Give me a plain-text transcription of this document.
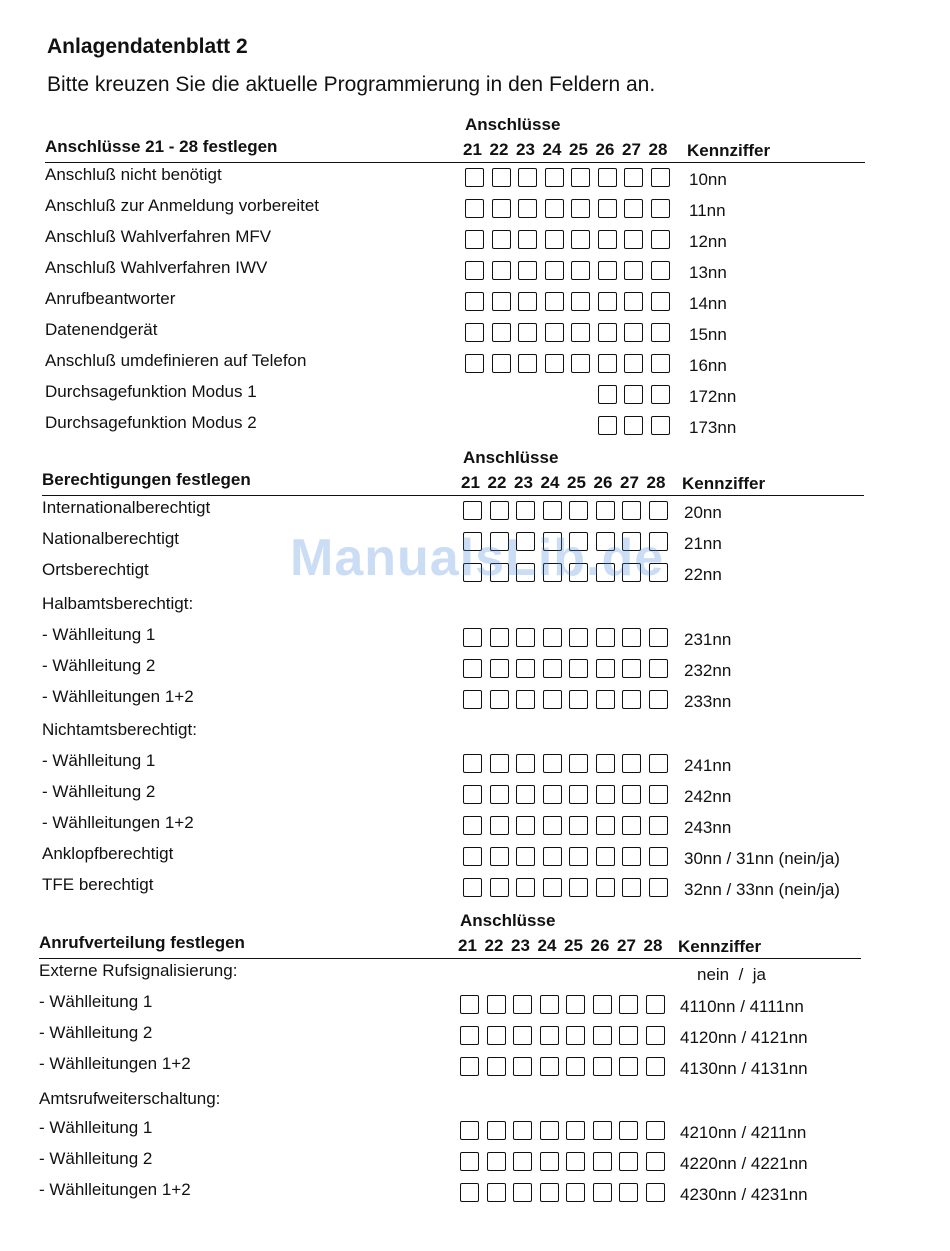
Anlagendatenblatt 2
Bitte kreuzen Sie die aktuelle Programmierung in den Feldern an.
Anschlüsse
Anschlüsse 21 - 28 festlegen	21 22 23 24 25 26 27 28	Kennziffer
Anschluß nicht benötigt	10nn
Anschluß zur Anmeldung vorbereitet	11nn
Anschluß Wahlverfahren MFV	12nn
Anschluß Wahlverfahren IWV	13nn
Anrufbeantworter	14nn
Datenendgerät	15nn
Anschluß umdefinieren auf Telefon	16nn
Durchsagefunktion Modus 1	172nn
Durchsagefunktion Modus 2	173nn
Anschlüsse
Berechtigungen festlegen	21 22 23 24 25 26 27 28 Kennziffer
Internationalberechtigt	20nn
Nationalberechtigt	21nn
Ortsberechtigt	22nn
Halbamtsberechtigt:
- Wählleitung 1	231nn
- Wählleitung 2	232nn
- Wählleitungen 1+2	233nn
Nichtamtsberechtigt:
- Wählleitung 1	241nn
- Wählleitung 2	242nn
- Wählleitungen 1+2	243nn
Anklopfberechtigt	30nn / 31nn (nein/ja)
TFE berechtigt	32nn / 33nn (nein/ja)
Anschlüsse
Anrufverteilung festlegen	21 22 23 24 25 26 27 28 Kennziffer
nein  /  ja
Externe Rufsignalisierung:
- Wählleitung 1	4110nn / 4111nn
- Wählleitung 2	4120nn / 4121nn
- Wählleitungen 1+2	4130nn / 4131nn
Amtsrufweiterschaltung:
- Wählleitung 1	4210nn / 4211nn
- Wählleitung 2	4220nn / 4221nn
- Wählleitungen 1+2	4230nn / 4231nn
ManualsLib.de
